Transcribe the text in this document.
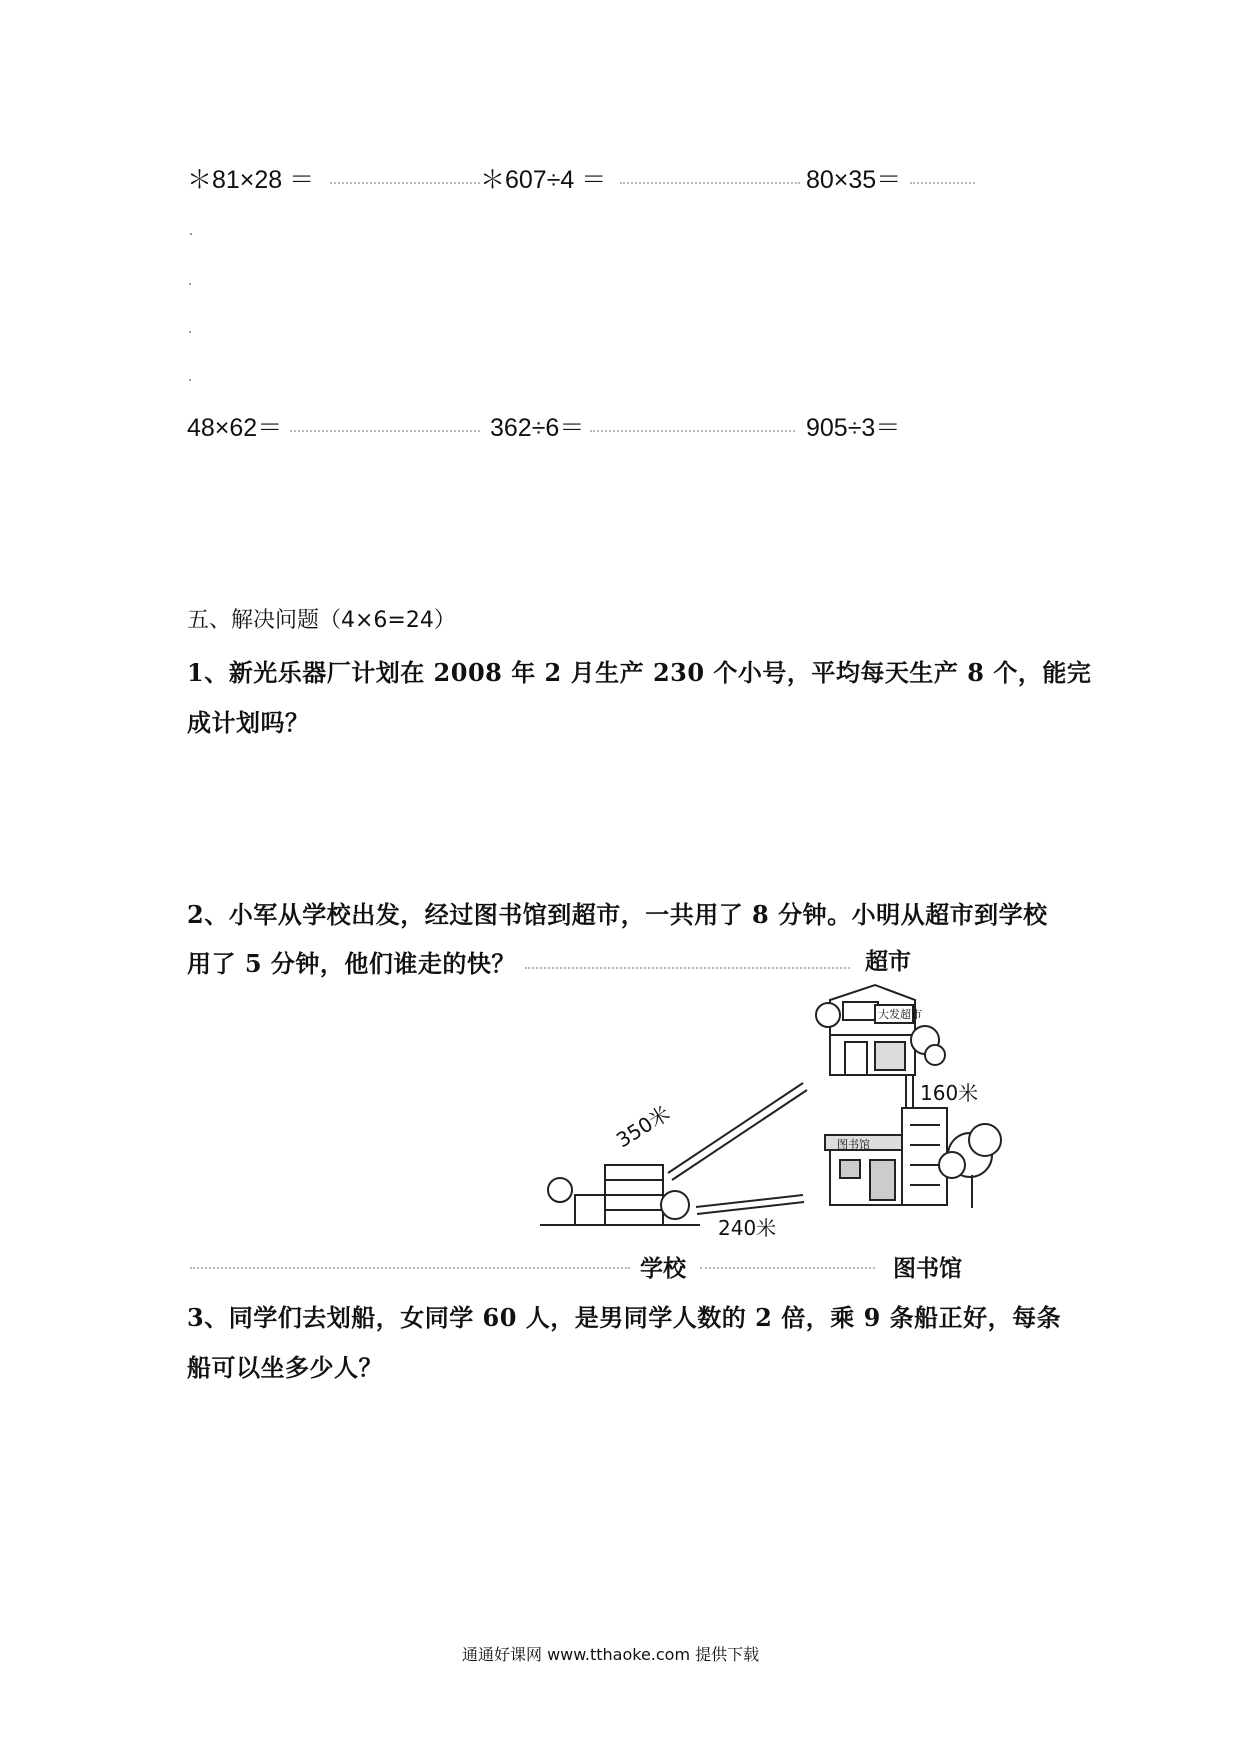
＊81×28 ＝	＊607÷4 ＝	80×35＝
48×62＝	362÷6＝	905÷3＝
五、解决问题（4×6=24）
1、新光乐器厂计划在 2008 年 2 月生产 230 个小号，平均每天生产 8 个，能完
成计划吗？
2、小军从学校出发，经过图书馆到超市，一共用了 8 分钟。小明从超市到学校
用了 5 分钟，他们谁走的快？	超市
学校	图书馆
大发超市
图书馆
350米
160米
240米
3、同学们去划船，女同学 60 人，是男同学人数的 2 倍，乘 9 条船正好，每条
船可以坐多少人？
通通好课网 www.tthaoke.com 提供下载
